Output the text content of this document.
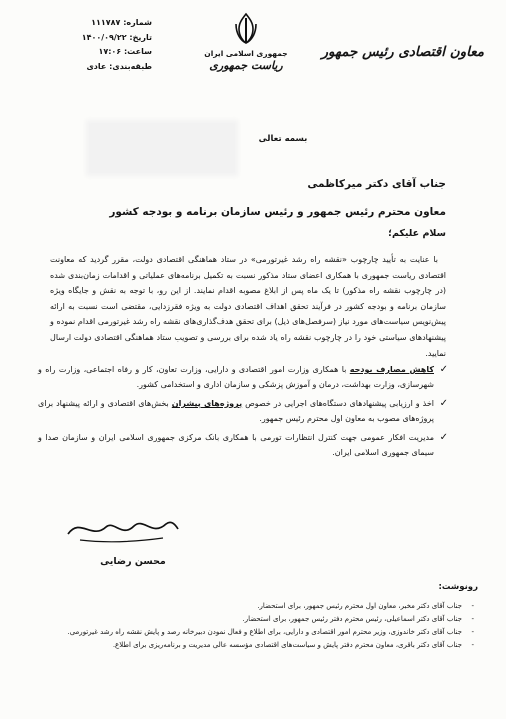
شماره: ۱۱۱۷۸۷
تاریخ: ۱۴۰۰/۰۹/۲۲
ساعت: ۱۷:۰۶
طبقه‌بندی: عادی
جمهوری اسلامی ایران
ریاست جمهوری
معاون اقتصادی رئیس جمهور
بسمه تعالی
جناب آقای دکتر میرکاظمی
معاون محترم رئیس جمهور و رئیس سازمان برنامه و بودجه کشور
سلام علیکم؛

با عنایت به تأیید چارچوب «نقشه راه رشد غیرتورمی» در ستاد هماهنگی اقتصادی دولت، مقرر گردید که معاونت اقتصادی ریاست جمهوری با همکاری اعضای ستاد مذکور نسبت به تکمیل برنامه‌های عملیاتی و اقدامات زمان‌بندی شده (در چارچوب نقشه راه مذکور) تا یک ماه پس از ابلاغ مصوبه اقدام نمایند. از این رو، با توجه به نقش و جایگاه ویژه سازمان برنامه و بودجه کشور در فرآیند تحقق اهداف اقتصادی دولت به ویژه فقرزدایی، مقتضی است نسبت به ارائه پیش‌نویس سیاست‌های مورد نیاز (سرفصل‌های ذیل) برای تحقق هدف‌گذاری‌های نقشه راه رشد غیرتورمی اقدام نموده و پیشنهادهای سیاستی خود را در چارچوب نقشه راه یاد شده برای بررسی و تصویب ستاد هماهنگی اقتصادی دولت ارسال نمایید.

✓
کاهش مصارف بودجه با همکاری وزارت امور اقتصادی و دارایی، وزارت تعاون، کار و رفاه اجتماعی، وزارت راه و شهرسازی، وزارت بهداشت، درمان و آموزش پزشکی و سازمان اداری و استخدامی کشور.
✓
اخذ و ارزیابی پیشنهادهای دستگاه‌های اجرایی در خصوص پروژه‌های پیشران بخش‌های اقتصادی و ارائه پیشنهاد برای پروژه‌های مصوب به معاون اول محترم رئیس جمهور.
✓
مدیریت افکار عمومی جهت کنترل انتظارات تورمی با همکاری بانک مرکزی جمهوری اسلامی ایران و سازمان صدا و سیمای جمهوری اسلامی ایران.
محسن رضایی
رونوشت:
-
جناب آقای دکتر مخبر، معاون اول محترم رئیس جمهور، برای استحضار.
-
جناب آقای دکتر اسماعیلی، رئیس محترم دفتر رئیس جمهور، برای استحضار.
-
جناب آقای دکتر خاندوزی، وزیر محترم امور اقتصادی و دارایی، برای اطلاع و فعال نمودن دبیرخانه رصد و پایش نقشه راه رشد غیرتورمی.
-
جناب آقای دکتر باقری، معاون محترم دفتر پایش و سیاست‌های اقتصادی مؤسسه عالی مدیریت و برنامه‌ریزی برای اطلاع.
